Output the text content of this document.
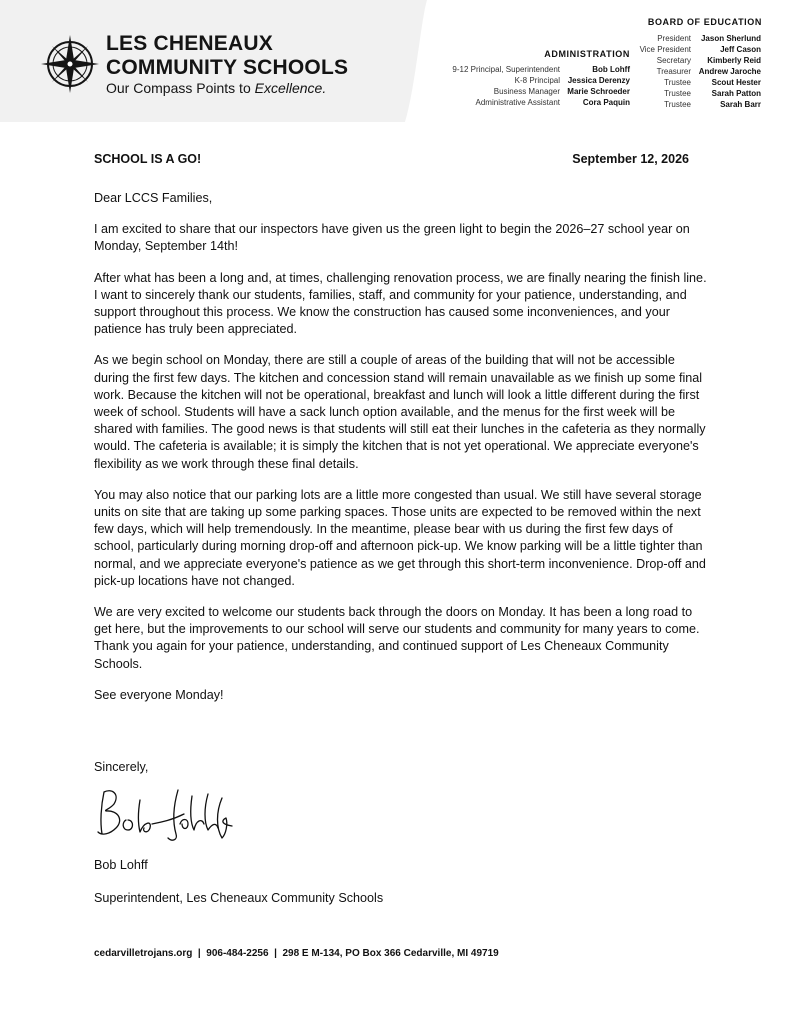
LES CHENEAUX
COMMUNITY SCHOOLS
Our Compass Points to Excellence.
BOARD OF EDUCATION
President	Jason Sherlund
Vice President	Jeff Cason
Secretary	Kimberly Reid
Treasurer Andrew Jaroche
Trustee	Scout Hester
Trustee	Sarah Patton
Trustee	Sarah Barr
ADMINISTRATION
9-12 Principal, Superintendent	Bob Lohff
K-8 Principal Jessica Derenzy
Business Manager Marie Schroeder
Administrative Assistant	Cora Paquin
SCHOOL IS A GO!	September 12, 2026

Dear LCCS Families,

I am excited to share that our inspectors have given us the green light to begin the 2026–27 school year on Monday, September 14th!

After what has been a long and, at times, challenging renovation process, we are finally nearing the finish line. I want to sincerely thank our students, families, staff, and community for your patience, understanding, and support throughout this process. We know the construction has caused some inconveniences, and your patience has truly been appreciated.

As we begin school on Monday, there are still a couple of areas of the building that will not be accessible during the first few days. The kitchen and concession stand will remain unavailable as we finish up some final work. Because the kitchen will not be operational, breakfast and lunch will look a little different during the first week of school. Students will have a sack lunch option available, and the menus for the first week will be shared with families. The good news is that students will still eat their lunches in the cafeteria as they normally would. The cafeteria is available; it is simply the kitchen that is not yet operational. We appreciate everyone's flexibility as we work through these final details.

You may also notice that our parking lots are a little more congested than usual. We still have several storage units on site that are taking up some parking spaces. Those units are expected to be removed within the next few days, which will help tremendously. In the meantime, please bear with us during the first few days of school, particularly during morning drop-off and afternoon pick-up. We know parking will be a little tighter than normal, and we appreciate everyone's patience as we get through this short-term inconvenience. Drop-off and pick-up locations have not changed.

We are very excited to welcome our students back through the doors on Monday. It has been a long road to get here, but the improvements to our school will serve our students and community for many years to come. Thank you again for your patience, understanding, and continued support of Les Cheneaux Community Schools.

See everyone Monday!

Sincerely,
Bob Lohff
Superintendent, Les Cheneaux Community Schools
cedarvilletrojans.org  |  906-484-2256  |  298 E M-134, PO Box 366 Cedarville, MI 49719
